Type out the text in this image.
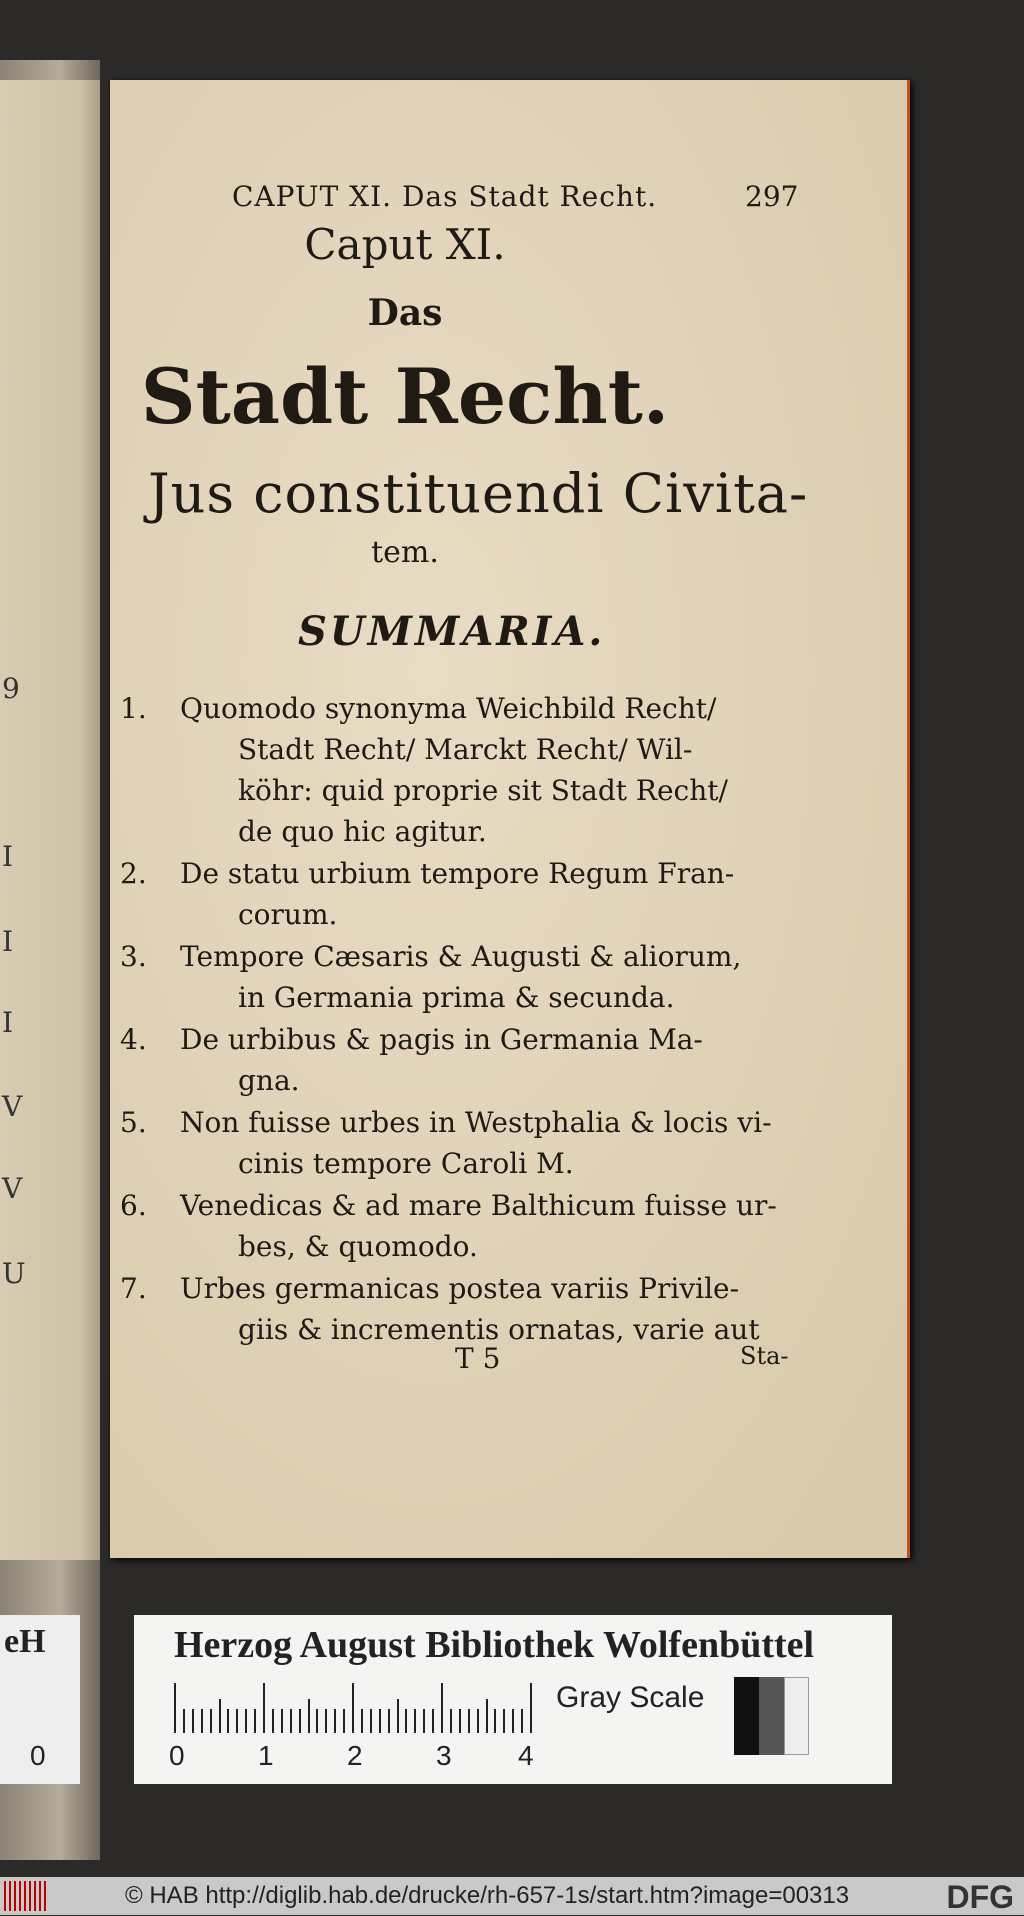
9
I
I
I
V
V
U
CAPUT XI. Das Stadt Recht.	297
Caput XI.
Das
Stadt Recht.
Jus constituendi Civita-
tem.
SUMMARIA.
1.	Quomodo synonyma Weichbild Recht/
Stadt Recht/ Marckt Recht/ Wil-
köhr: quid proprie sit Stadt Recht/
de quo hic agitur.
2.	De statu urbium tempore Regum Fran-
corum.
3.	Tempore Cæsaris & Augusti & aliorum,
in Germania prima & secunda.
4.	De urbibus & pagis in Germania Ma-
gna.
5.	Non fuisse urbes in Westphalia & locis vi-
cinis tempore Caroli M.
6.	Venedicas & ad mare Balthicum fuisse ur-
bes, & quomodo.
7.	Urbes germanicas postea variis Privile-
giis & incrementis ornatas, varie aut
T 5	Sta-
eH
0
Herzog August Bibliothek Wolfenbüttel
0	1	2	3 4
Gray Scale
© HAB http://diglib.hab.de/drucke/rh-657-1s/start.htm?image=00313	DFG
